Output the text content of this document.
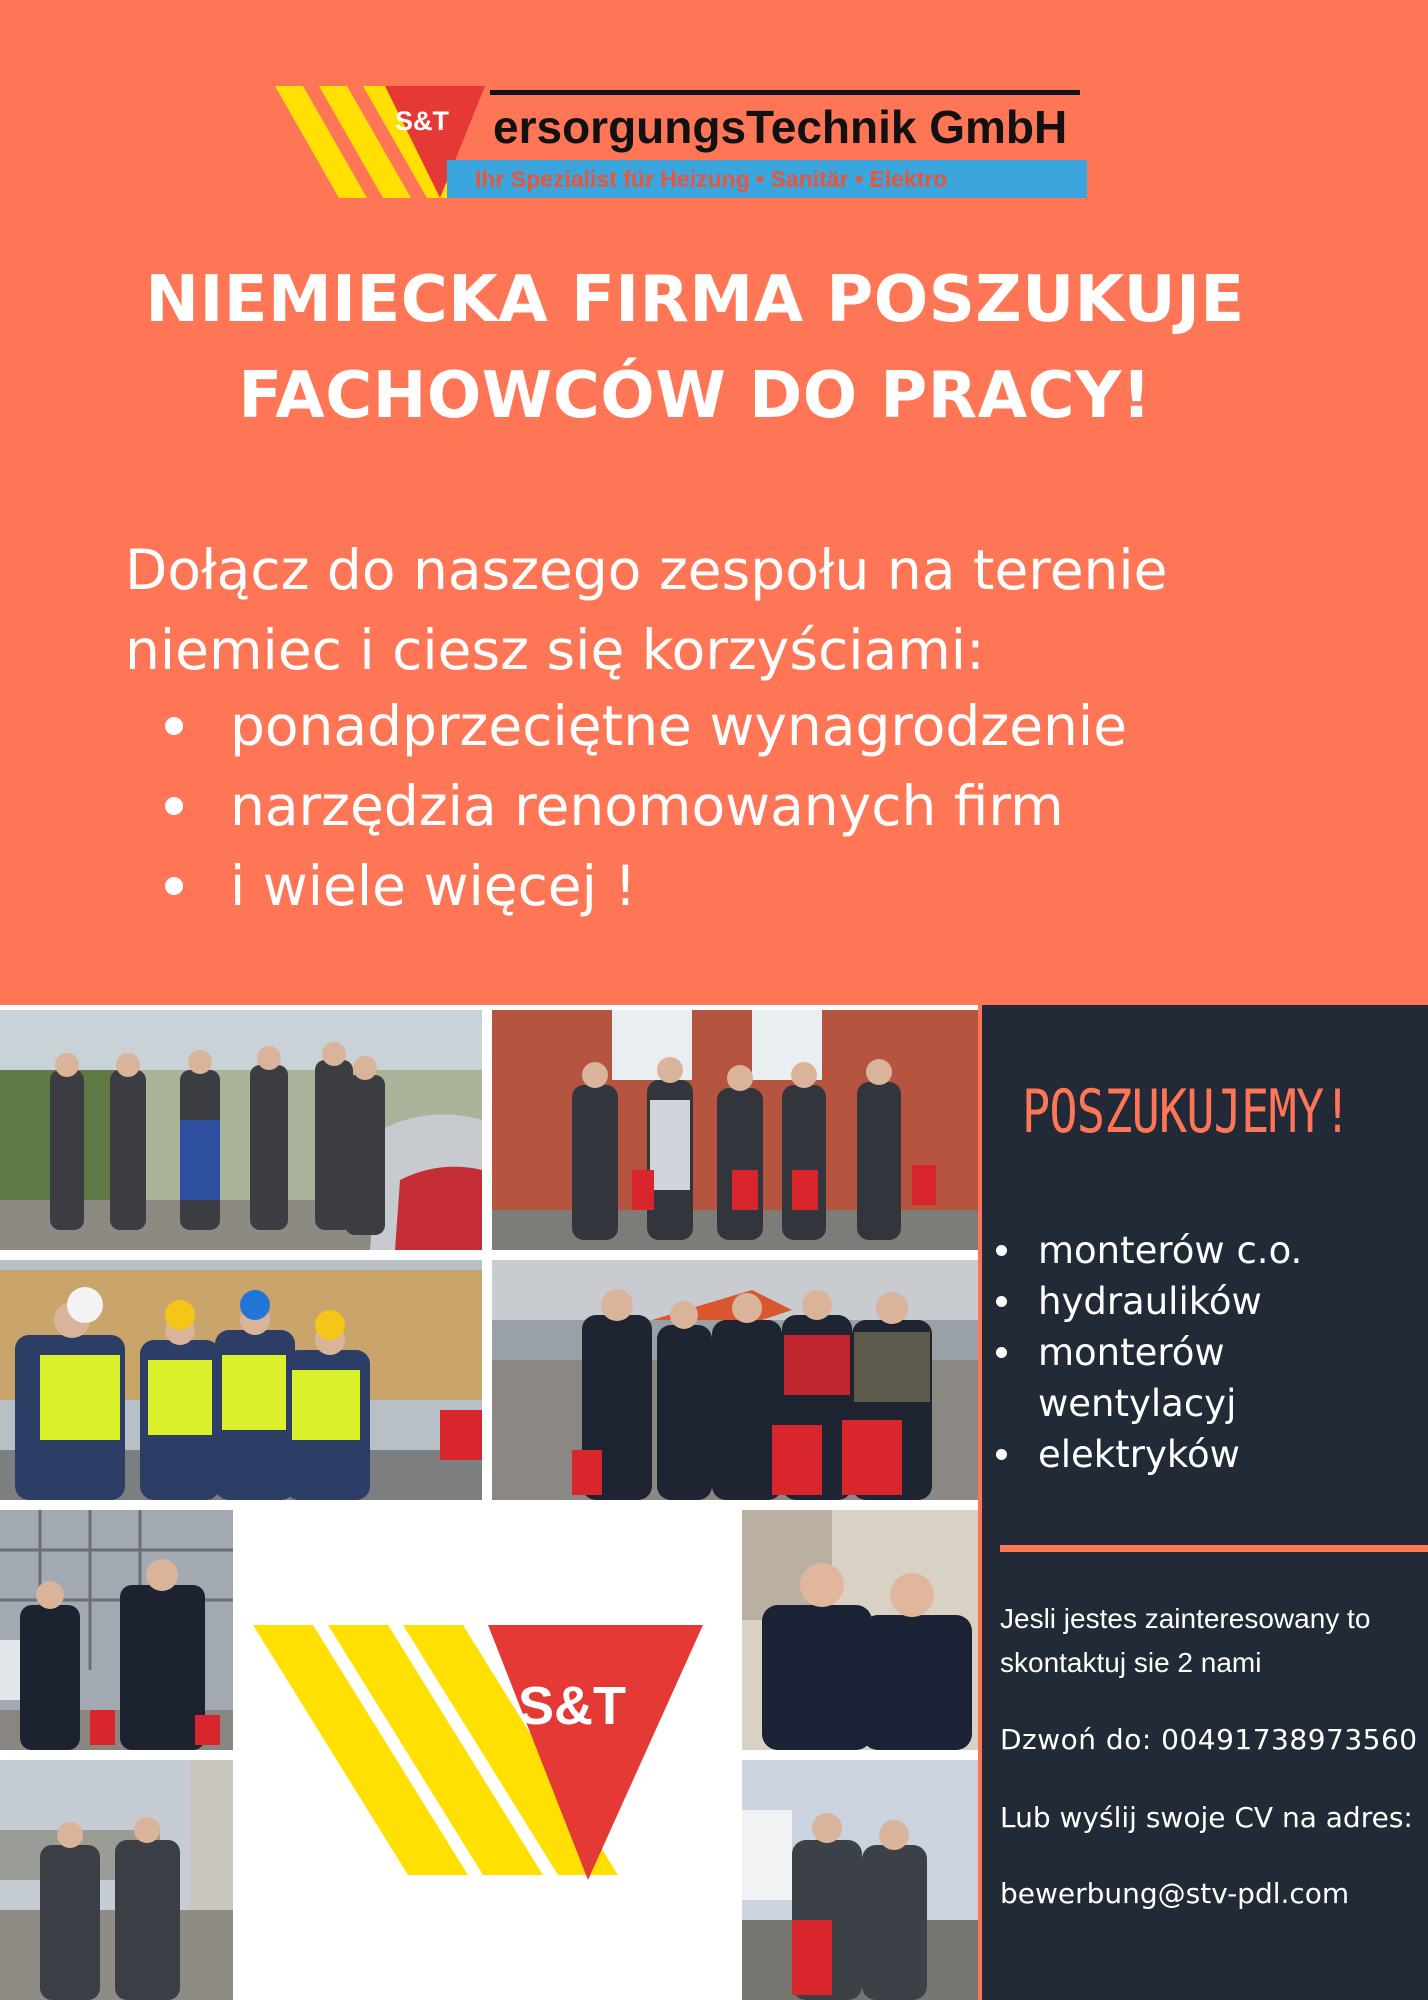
S&T ersorgungsTechnik GmbH
Ihr Spezialist für Heizung • Sanitär • Elektro
NIEMIECKA FIRMA POSZUKUJE
FACHOWCÓW DO PRACY!
Dołącz do naszego zespołu na terenie
niemiec i ciesz się korzyściami:
ponadprzeciętne wynagrodzenie
narzędzia renomowanych firm
i wiele więcej !
S&T
POSZUKUJEMY!
monterów c.o.
hydraulików
monterów wentylacyj
elektryków
Jesli jestes zainteresowany to skontaktuj sie 2 nami
Dzwoń do: 00491738973560
Lub wyślij swoje CV na adres:
bewerbung@stv-pdl.com
